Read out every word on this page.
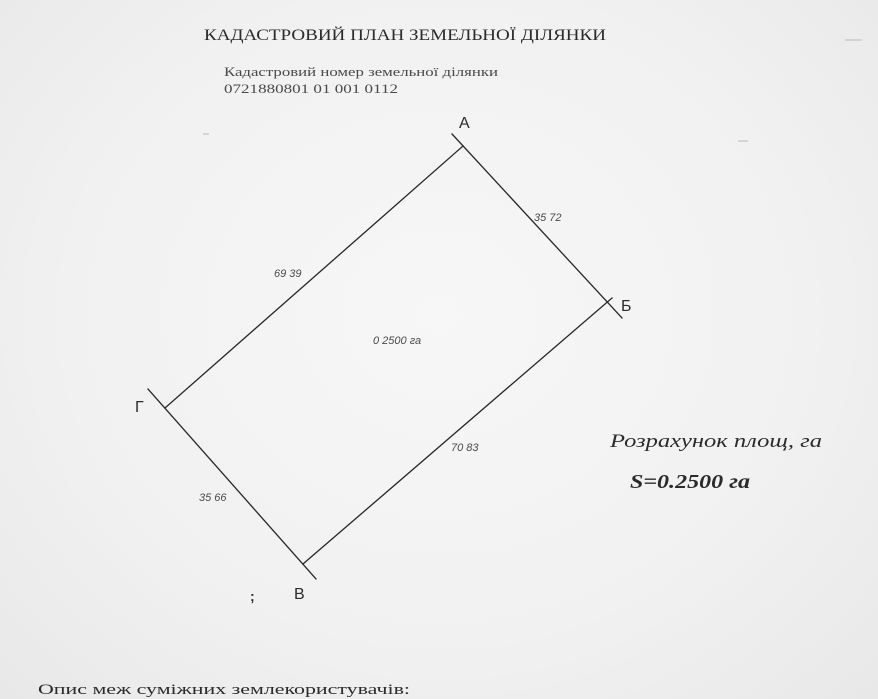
КАДАСТРОВИЙ ПЛАН ЗЕМЕЛЬНОЇ ДІЛЯНКИ
Кадастровий номер земельної ділянки
0721880801 01 001 0112
А
Б
В
Г
35 72
70 83
35 66
69 39
0 2500 га
Розрахунок площ, га
S=0.2500 га
;
Опис меж суміжних землекористувачів:
